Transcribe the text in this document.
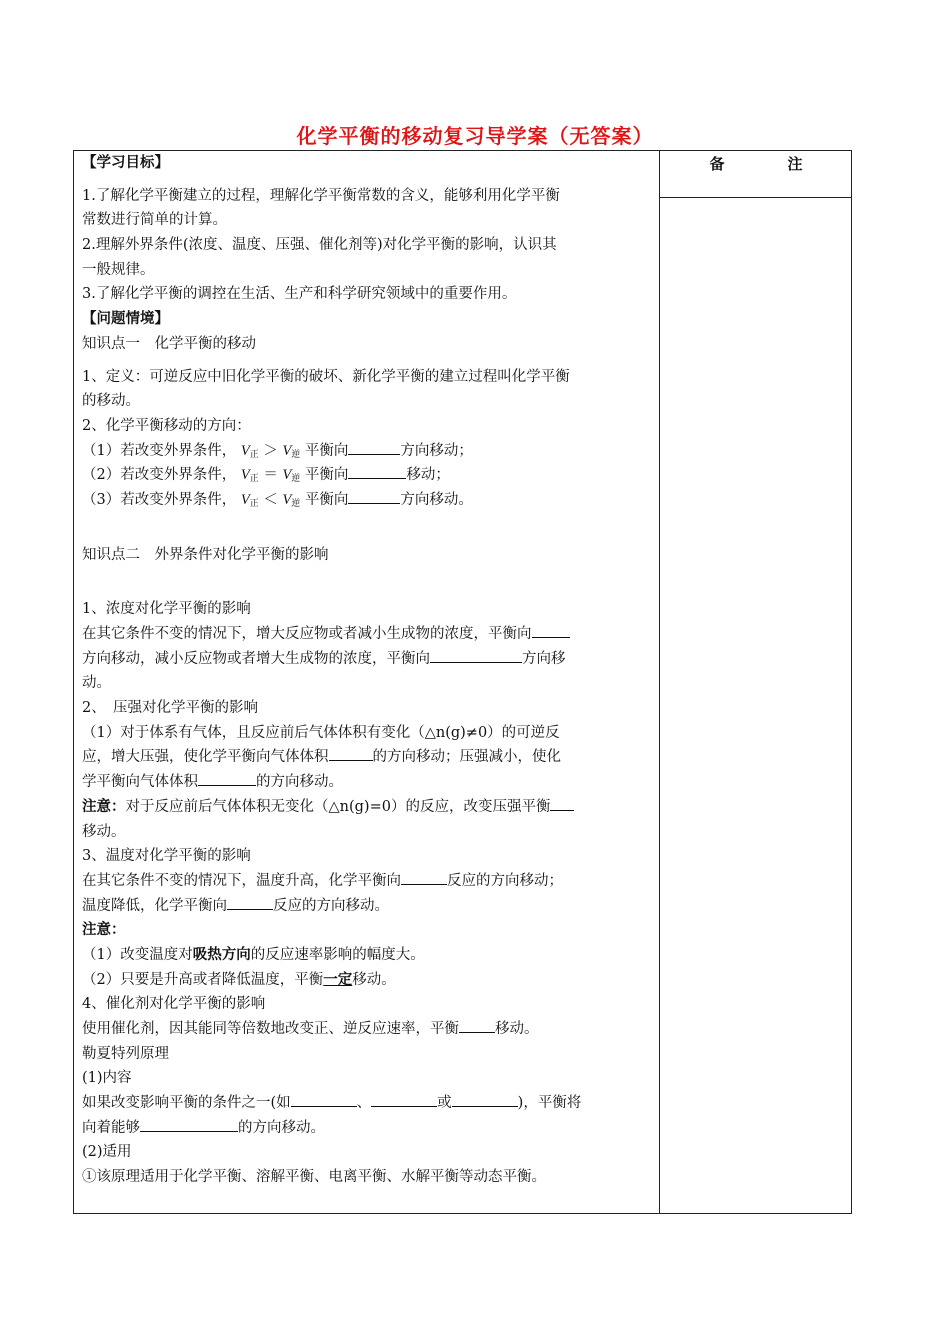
化学平衡的移动复习导学案（无答案）
备　注
【学习目标】
1.了解化学平衡建立的过程，理解化学平衡常数的含义，能够利用化学平衡
常数进行简单的计算。
2.理解外界条件(浓度、温度、压强、催化剂等)对化学平衡的影响，认识其
一般规律。
3.了解化学平衡的调控在生活、生产和科学研究领域中的重要作用。
【问题情境】
知识点一　化学平衡的移动
1、定义：可逆反应中旧化学平衡的破坏、新化学平衡的建立过程叫化学平衡
的移动。
2、化学平衡移动的方向：
（1）若改变外界条件， $V_正 > V_逆$ 平衡向	方向移动；
（2）若改变外界条件， $V_正 = V_逆$ 平衡向	移动；
（3）若改变外界条件， $V_正 < V_逆$ 平衡向	方向移动。
知识点二　外界条件对化学平衡的影响
1、浓度对化学平衡的影响
在其它条件不变的情况下，增大反应物或者减小生成物的浓度，平衡向
方向移动，减小反应物或者增大生成物的浓度，平衡向	方向移
动。
2、　压强对化学平衡的影响
（1）对于体系有气体，且反应前后气体体积有变化（△n(g)≠0）的可逆反
应，增大压强，使化学平衡向气体体积	的方向移动；压强减小，使化
学平衡向气体体积	的方向移动。
注意：对于反应前后气体体积无变化（△n(g)=0）的反应，改变压强平衡
移动。
3、温度对化学平衡的影响
在其它条件不变的情况下，温度升高，化学平衡向	反应的方向移动；
温度降低，化学平衡向	反应的方向移动。
注意：
（1）改变温度对吸热方向的反应速率影响的幅度大。
（2）只要是升高或者降低温度，平衡一定移动。
4、催化剂对化学平衡的影响
使用催化剂，因其能同等倍数地改变正、逆反应速率，平衡 移动。
勒夏特列原理
(1)内容
如果改变影响平衡的条件之一(如	、	或	)，平衡将
向着能够	的方向移动。
(2)适用
①该原理适用于化学平衡、溶解平衡、电离平衡、水解平衡等动态平衡。
